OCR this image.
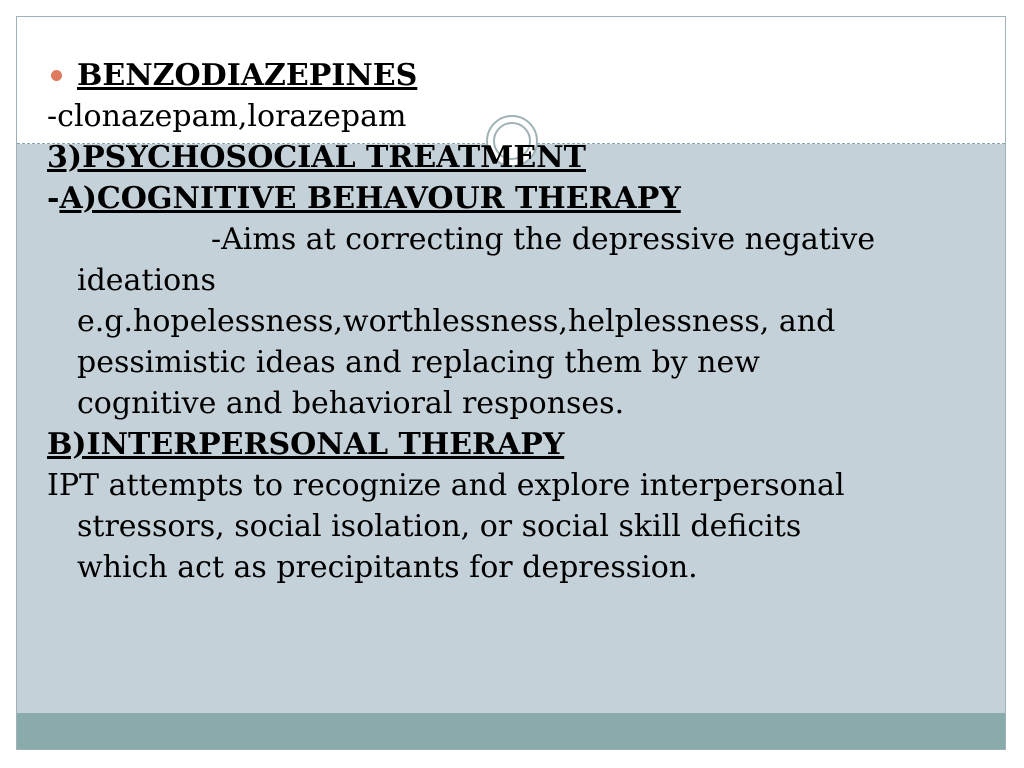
BENZODIAZEPINES

-clonazepam,lorazepam

3)PSYCHOSOCIAL TREATMENT

-A)COGNITIVE BEHAVOUR THERAPY

-Aims at correcting the depressive negative

ideations

e.g.hopelessness,worthlessness,helplessness, and

pessimistic ideas and replacing them by new

cognitive and behavioral responses.

B)INTERPERSONAL THERAPY

IPT attempts to recognize and explore interpersonal

stressors, social isolation, or social skill deficits

which act as precipitants for depression.
